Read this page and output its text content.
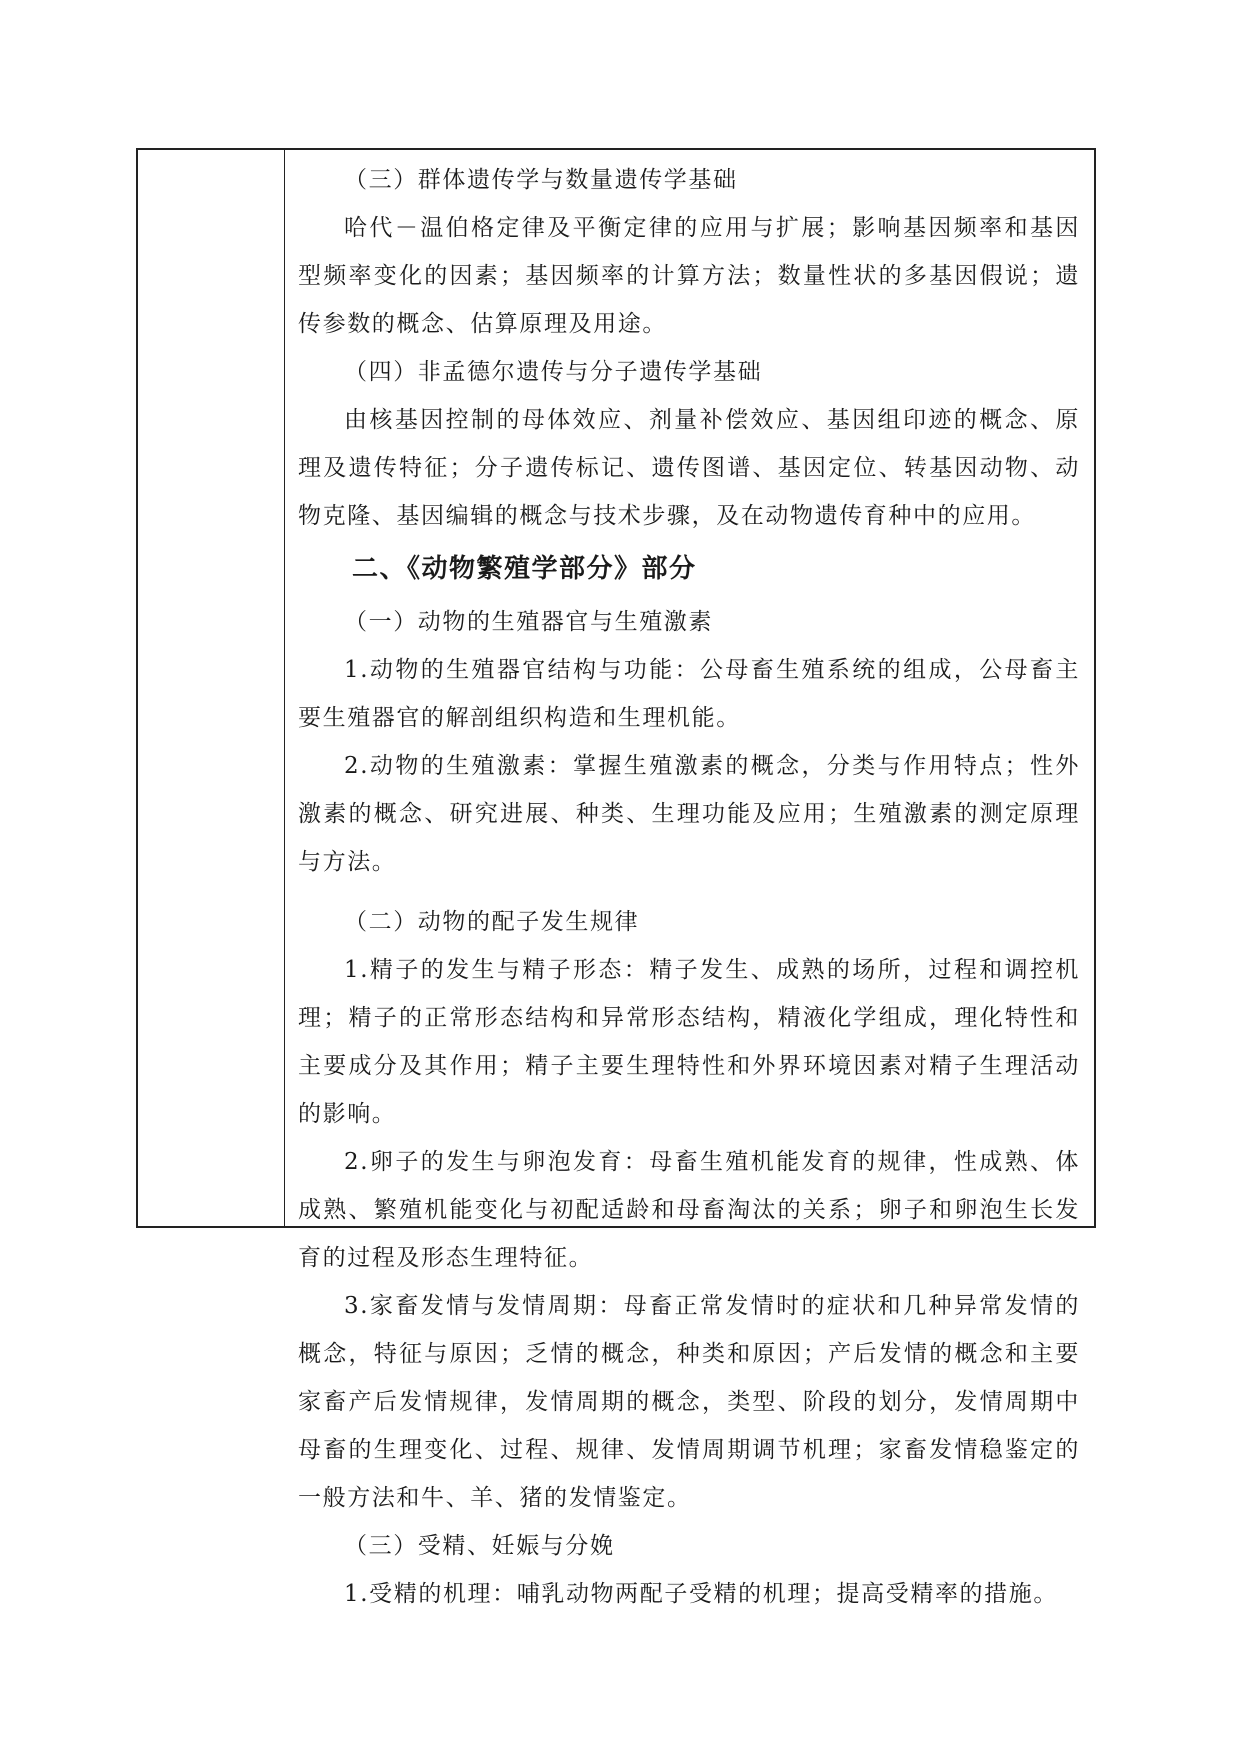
（三）群体遗传学与数量遗传学基础

哈代－温伯格定律及平衡定律的应用与扩展；影响基因频率和基因型频率变化的因素；基因频率的计算方法；数量性状的多基因假说；遗传参数的概念、估算原理及用途。

（四）非孟德尔遗传与分子遗传学基础

由核基因控制的母体效应、剂量补偿效应、基因组印迹的概念、原理及遗传特征；分子遗传标记、遗传图谱、基因定位、转基因动物、动物克隆、基因编辑的概念与技术步骤，及在动物遗传育种中的应用。

二、《动物繁殖学部分》部分

（一）动物的生殖器官与生殖激素

1.动物的生殖器官结构与功能：公母畜生殖系统的组成，公母畜主要生殖器官的解剖组织构造和生理机能。

2.动物的生殖激素：掌握生殖激素的概念，分类与作用特点；性外激素的概念、研究进展、种类、生理功能及应用；生殖激素的测定原理与方法。

（二）动物的配子发生规律

1.精子的发生与精子形态：精子发生、成熟的场所，过程和调控机理；精子的正常形态结构和异常形态结构，精液化学组成，理化特性和主要成分及其作用；精子主要生理特性和外界环境因素对精子生理活动的影响。

2.卵子的发生与卵泡发育：母畜生殖机能发育的规律，性成熟、体成熟、繁殖机能变化与初配适龄和母畜淘汰的关系；卵子和卵泡生长发育的过程及形态生理特征。

3.家畜发情与发情周期：母畜正常发情时的症状和几种异常发情的概念，特征与原因；乏情的概念，种类和原因；产后发情的概念和主要家畜产后发情规律，发情周期的概念，类型、阶段的划分，发情周期中母畜的生理变化、过程、规律、发情周期调节机理；家畜发情稳鉴定的一般方法和牛、羊、猪的发情鉴定。

（三）受精、妊娠与分娩

1.受精的机理：哺乳动物两配子受精的机理；提高受精率的措施。
